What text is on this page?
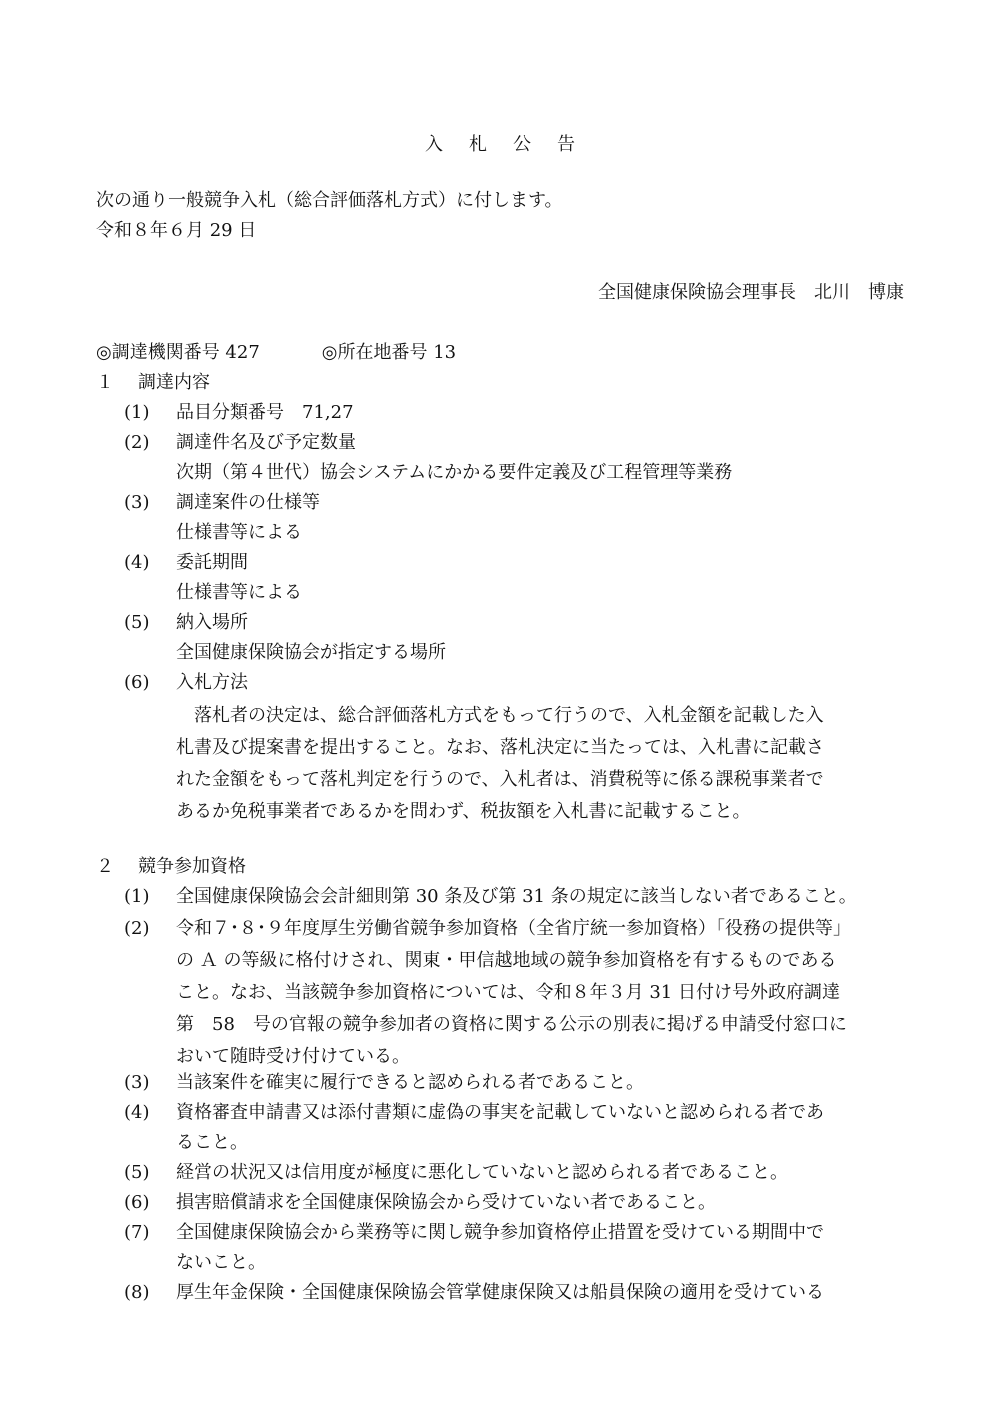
入札公告
次の通り一般競争入札（総合評価落札方式）に付します。
令和８年６月 29 日
全国健康保険協会理事長　北川　博康
◎調達機関番号 427	◎所在地番号 13
１ 調達内容
(1) 品目分類番号　71,27
(2) 調達件名及び予定数量
次期（第４世代）協会システムにかかる要件定義及び工程管理等業務
(3) 調達案件の仕様等
仕様書等による
(4) 委託期間
仕様書等による
(5) 納入場所
全国健康保険協会が指定する場所
(6) 入札方法
　落札者の決定は、総合評価落札方式をもって行うので、入札金額を記載した入
札書及び提案書を提出すること。なお、落札決定に当たっては、入札書に記載さ
れた金額をもって落札判定を行うので、入札者は、消費税等に係る課税事業者で
あるか免税事業者であるかを問わず、税抜額を入札書に記載すること。
２ 競争参加資格
(1) 全国健康保険協会会計細則第 30 条及び第 31 条の規定に該当しない者であること。
(2) 令和７･８･９年度厚生労働省競争参加資格（全省庁統一参加資格）「役務の提供等」
の Ａ の等級に格付けされ、関東・甲信越地域の競争参加資格を有するものである
こと。なお、当該競争参加資格については、令和８年３月 31 日付け号外政府調達
第　58　号の官報の競争参加者の資格に関する公示の別表に掲げる申請受付窓口に
おいて随時受け付けている。
(3) 当該案件を確実に履行できると認められる者であること。
(4) 資格審査申請書又は添付書類に虚偽の事実を記載していないと認められる者であ
ること。
(5) 経営の状況又は信用度が極度に悪化していないと認められる者であること。
(6) 損害賠償請求を全国健康保険協会から受けていない者であること。
(7) 全国健康保険協会から業務等に関し競争参加資格停止措置を受けている期間中で
ないこと。
(8) 厚生年金保険・全国健康保険協会管掌健康保険又は船員保険の適用を受けている
